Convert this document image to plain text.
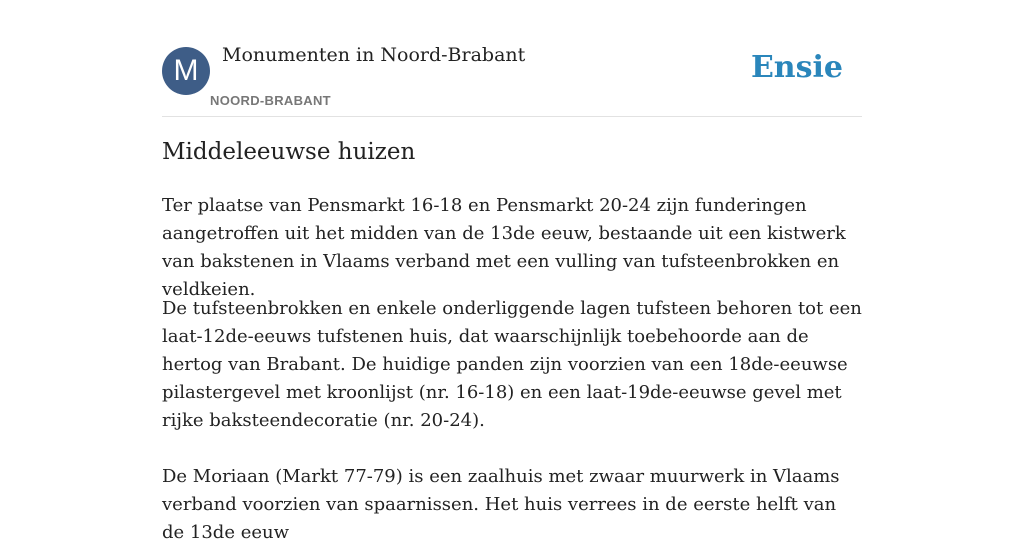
M	Monumenten in Noord-Brabant
NOORD-BRABANT
Ensie
Middeleeuwse huizen

Ter plaatse van Pensmarkt 16-18 en Pensmarkt 20-24 zijn funderingen aangetroffen uit het midden van de 13de eeuw, bestaande uit een kistwerk van bakstenen in Vlaams verband met een vulling van tufsteenbrokken en veldkeien.

De tufsteenbrokken en enkele onderliggende lagen tufsteen behoren tot een laat-12de-eeuws tufstenen huis, dat waarschijnlijk toebehoorde aan de hertog van Brabant. De huidige panden zijn voorzien van een 18de-eeuwse pilastergevel met kroonlijst (nr. 16-18) en een laat-19de-eeuwse gevel met rijke baksteendecoratie (nr. 20-24).

De Moriaan (Markt 77-79) is een zaalhuis met zwaar muurwerk in Vlaams verband voorzien van spaarnissen. Het huis verrees in de eerste helft van de 13de eeuw
